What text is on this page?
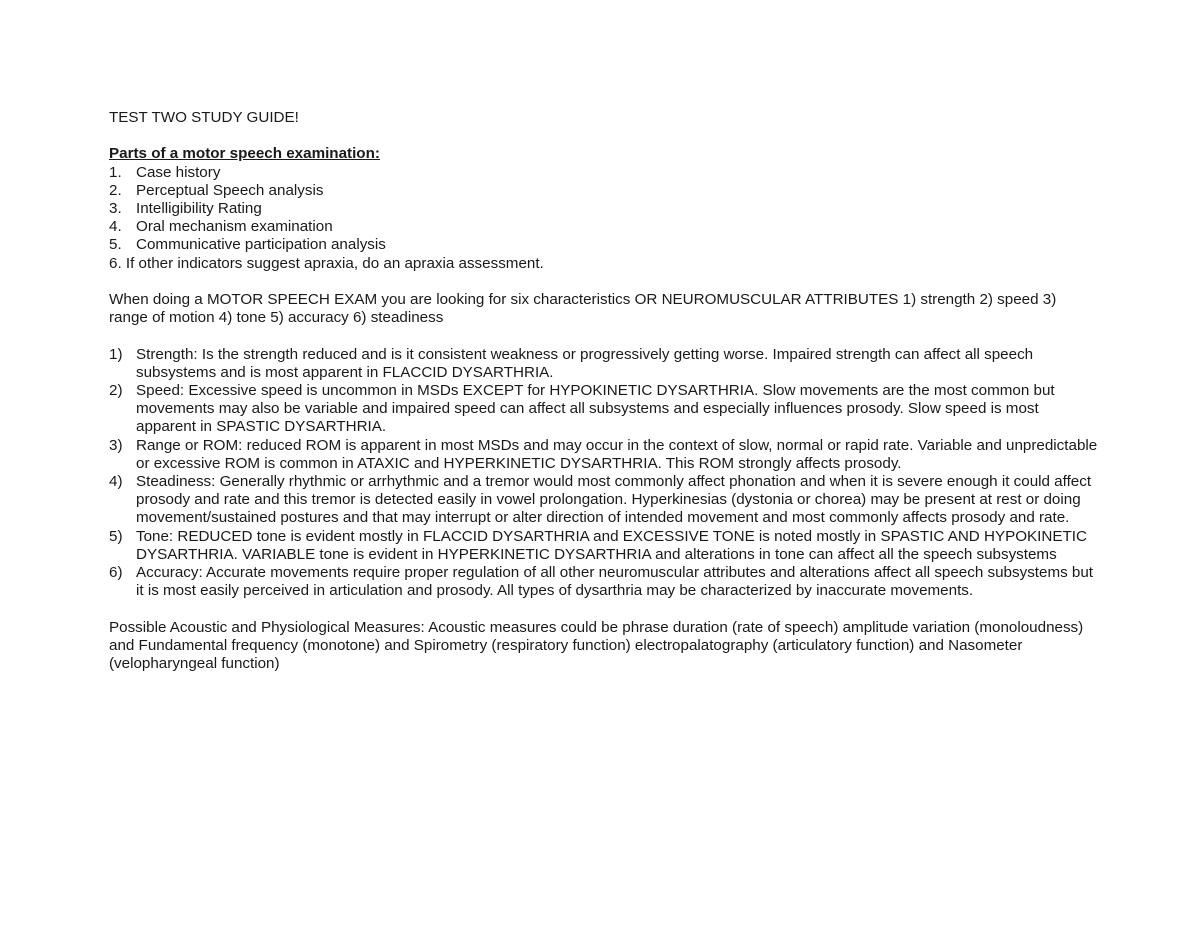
TEST TWO STUDY GUIDE!

Parts of a motor speech examination:

1. Case history
2. Perceptual Speech analysis
3. Intelligibility Rating
4. Oral mechanism examination
5. Communicative participation analysis

6. If other indicators suggest apraxia, do an apraxia assessment.

When doing a MOTOR SPEECH EXAM you are looking for six characteristics OR NEUROMUSCULAR ATTRIBUTES 1) strength 2) speed 3) range of motion 4) tone 5) accuracy 6) steadiness

1) Strength: Is the strength reduced and is it consistent weakness or progressively getting worse. Impaired strength can affect all speech subsystems and is most apparent in FLACCID DYSARTHRIA.
2) Speed: Excessive speed is uncommon in MSDs EXCEPT for HYPOKINETIC DYSARTHRIA. Slow movements are the most common but movements may also be variable and impaired speed can affect all subsystems and especially influences prosody. Slow speed is most apparent in SPASTIC DYSARTHRIA.
3) Range or ROM: reduced ROM is apparent in most MSDs and may occur in the context of slow, normal or rapid rate. Variable and unpredictable or excessive ROM is common in ATAXIC and HYPERKINETIC DYSARTHRIA. This ROM strongly affects prosody.
4) Steadiness: Generally rhythmic or arrhythmic and a tremor would most commonly affect phonation and when it is severe enough it could affect prosody and rate and this tremor is detected easily in vowel prolongation. Hyperkinesias (dystonia or chorea) may be present at rest or doing movement/sustained postures and that may interrupt or alter direction of intended movement and most commonly affects prosody and rate.
5) Tone: REDUCED tone is evident mostly in FLACCID DYSARTHRIA and EXCESSIVE TONE is noted mostly in SPASTIC AND HYPOKINETIC DYSARTHRIA. VARIABLE tone is evident in HYPERKINETIC DYSARTHRIA and alterations in tone can affect all the speech subsystems
6) Accuracy: Accurate movements require proper regulation of all other neuromuscular attributes and alterations affect all speech subsystems but it is most easily perceived in articulation and prosody. All types of dysarthria may be characterized by inaccurate movements.

Possible Acoustic and Physiological Measures: Acoustic measures could be phrase duration (rate of speech) amplitude variation (monoloudness) and Fundamental frequency (monotone) and Spirometry (respiratory function) electropalatography (articulatory function) and Nasometer (velopharyngeal function)
